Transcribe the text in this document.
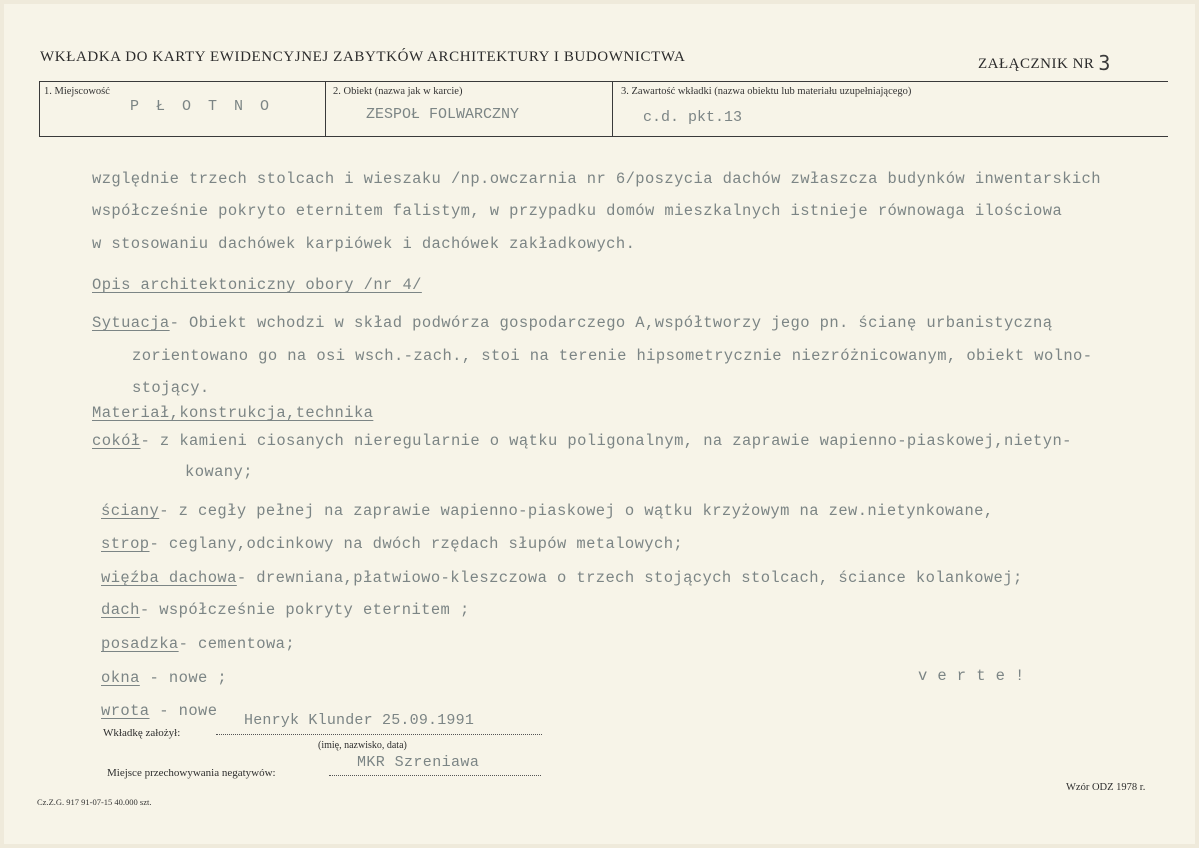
WKŁADKA DO KARTY EWIDENCYJNEJ ZABYTKÓW ARCHITEKTURY I BUDOWNICTWA	ZAŁĄCZNIK NR 3
1. Miejscowość
P Ł O T N O
2. Obiekt (nazwa jak w karcie)
ZESPOŁ FOLWARCZNY
3. Zawartość wkładki (nazwa obiektu lub materiału uzupełniającego)
c.d. pkt.13
względnie trzech stolcach i wieszaku /np.owczarnia nr 6/poszycia dachów zwłaszcza budynków inwentarskich
współcześnie pokryto eternitem falistym, w przypadku domów mieszkalnych istnieje równowaga ilościowa
w stosowaniu dachówek karpiówek i dachówek zakładkowych.
Opis architektoniczny obory /nr 4/
Sytuacja- Obiekt wchodzi w skład podwórza gospodarczego A,współtworzy jego pn. ścianę urbanistyczną
zorientowano go na osi wsch.-zach., stoi na terenie hipsometrycznie niezróżnicowanym, obiekt wolno-
stojący.
Materiał,konstrukcja,technika
cokół- z kamieni ciosanych nieregularnie o wątku poligonalnym, na zaprawie wapienno-piaskowej,nietyn-
kowany;
ściany- z cegły pełnej na zaprawie wapienno-piaskowej o wątku krzyżowym na zew.nietynkowane,
strop- ceglany,odcinkowy na dwóch rzędach słupów metalowych;
więźba dachowa- drewniana,płatwiowo-kleszczowa o trzech stojących stolcach, ściance kolankowej;
dach- współcześnie pokryty eternitem ;
posadzka- cementowa;
okna - nowe ;	v e r t e !
wrota - nowe
Wkładkę założył:
Henryk Klunder 25.09.1991
(imię, nazwisko, data)
Miejsce przechowywania negatywów:
MKR Szreniawa
Cz.Z.G. 917 91-07-15 40.000 szt.
Wzór ODZ 1978 r.
